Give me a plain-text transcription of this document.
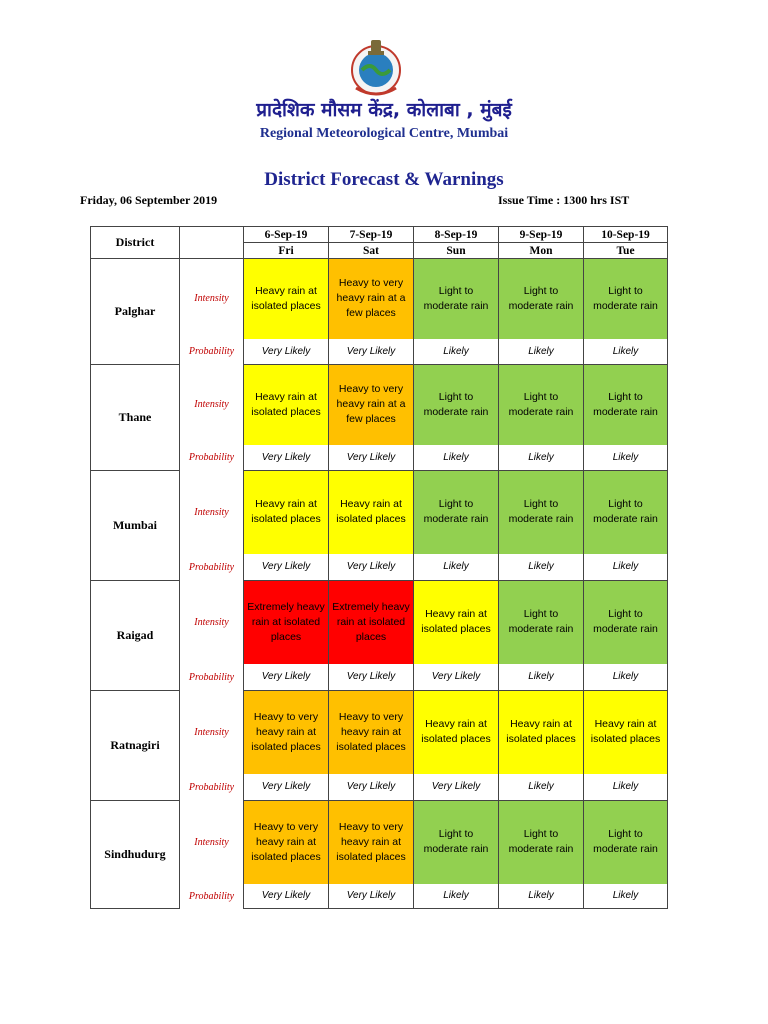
प्रादेशिक मौसम केंद्र, कोलाबा , मुंबई
Regional Meteorological Centre, Mumbai
District Forecast & Warnings
Friday, 06 September 2019	Issue Time : 1300 hrs IST
District		6-Sep-19	7-Sep-19	8-Sep-19	9-Sep-19	10-Sep-19
		Fri	Sat	Sun	Mon	Tue
Palghar	Intensity	Heavy rain at isolated places	Heavy to very heavy rain at a few places	Light to moderate rain	Light to moderate rain	Light to moderate rain
	Probability	Very Likely	Very Likely	Likely	Likely	Likely
Thane	Intensity	Heavy rain at isolated places	Heavy to very heavy rain at a few places	Light to moderate rain	Light to moderate rain	Light to moderate rain
	Probability	Very Likely	Very Likely	Likely	Likely	Likely
Mumbai	Intensity	Heavy rain at isolated places	Heavy rain at isolated places	Light to moderate rain	Light to moderate rain	Light to moderate rain
	Probability	Very Likely	Very Likely	Likely	Likely	Likely
Raigad	Intensity	Extremely heavy rain at isolated places	Extremely heavy rain at isolated places	Heavy rain at isolated places	Light to moderate rain	Light to moderate rain
	Probability	Very Likely	Very Likely	Very Likely	Likely	Likely
Ratnagiri	Intensity	Heavy to very heavy rain at isolated places	Heavy to very heavy rain at isolated places	Heavy rain at isolated places	Heavy rain at isolated places	Heavy rain at isolated places
	Probability	Very Likely	Very Likely	Very Likely	Likely	Likely
Sindhudurg	Intensity	Heavy to very heavy rain at isolated places	Heavy to very heavy rain at isolated places	Light to moderate rain	Light to moderate rain	Light to moderate rain
	Probability	Very Likely	Very Likely	Likely	Likely	Likely
